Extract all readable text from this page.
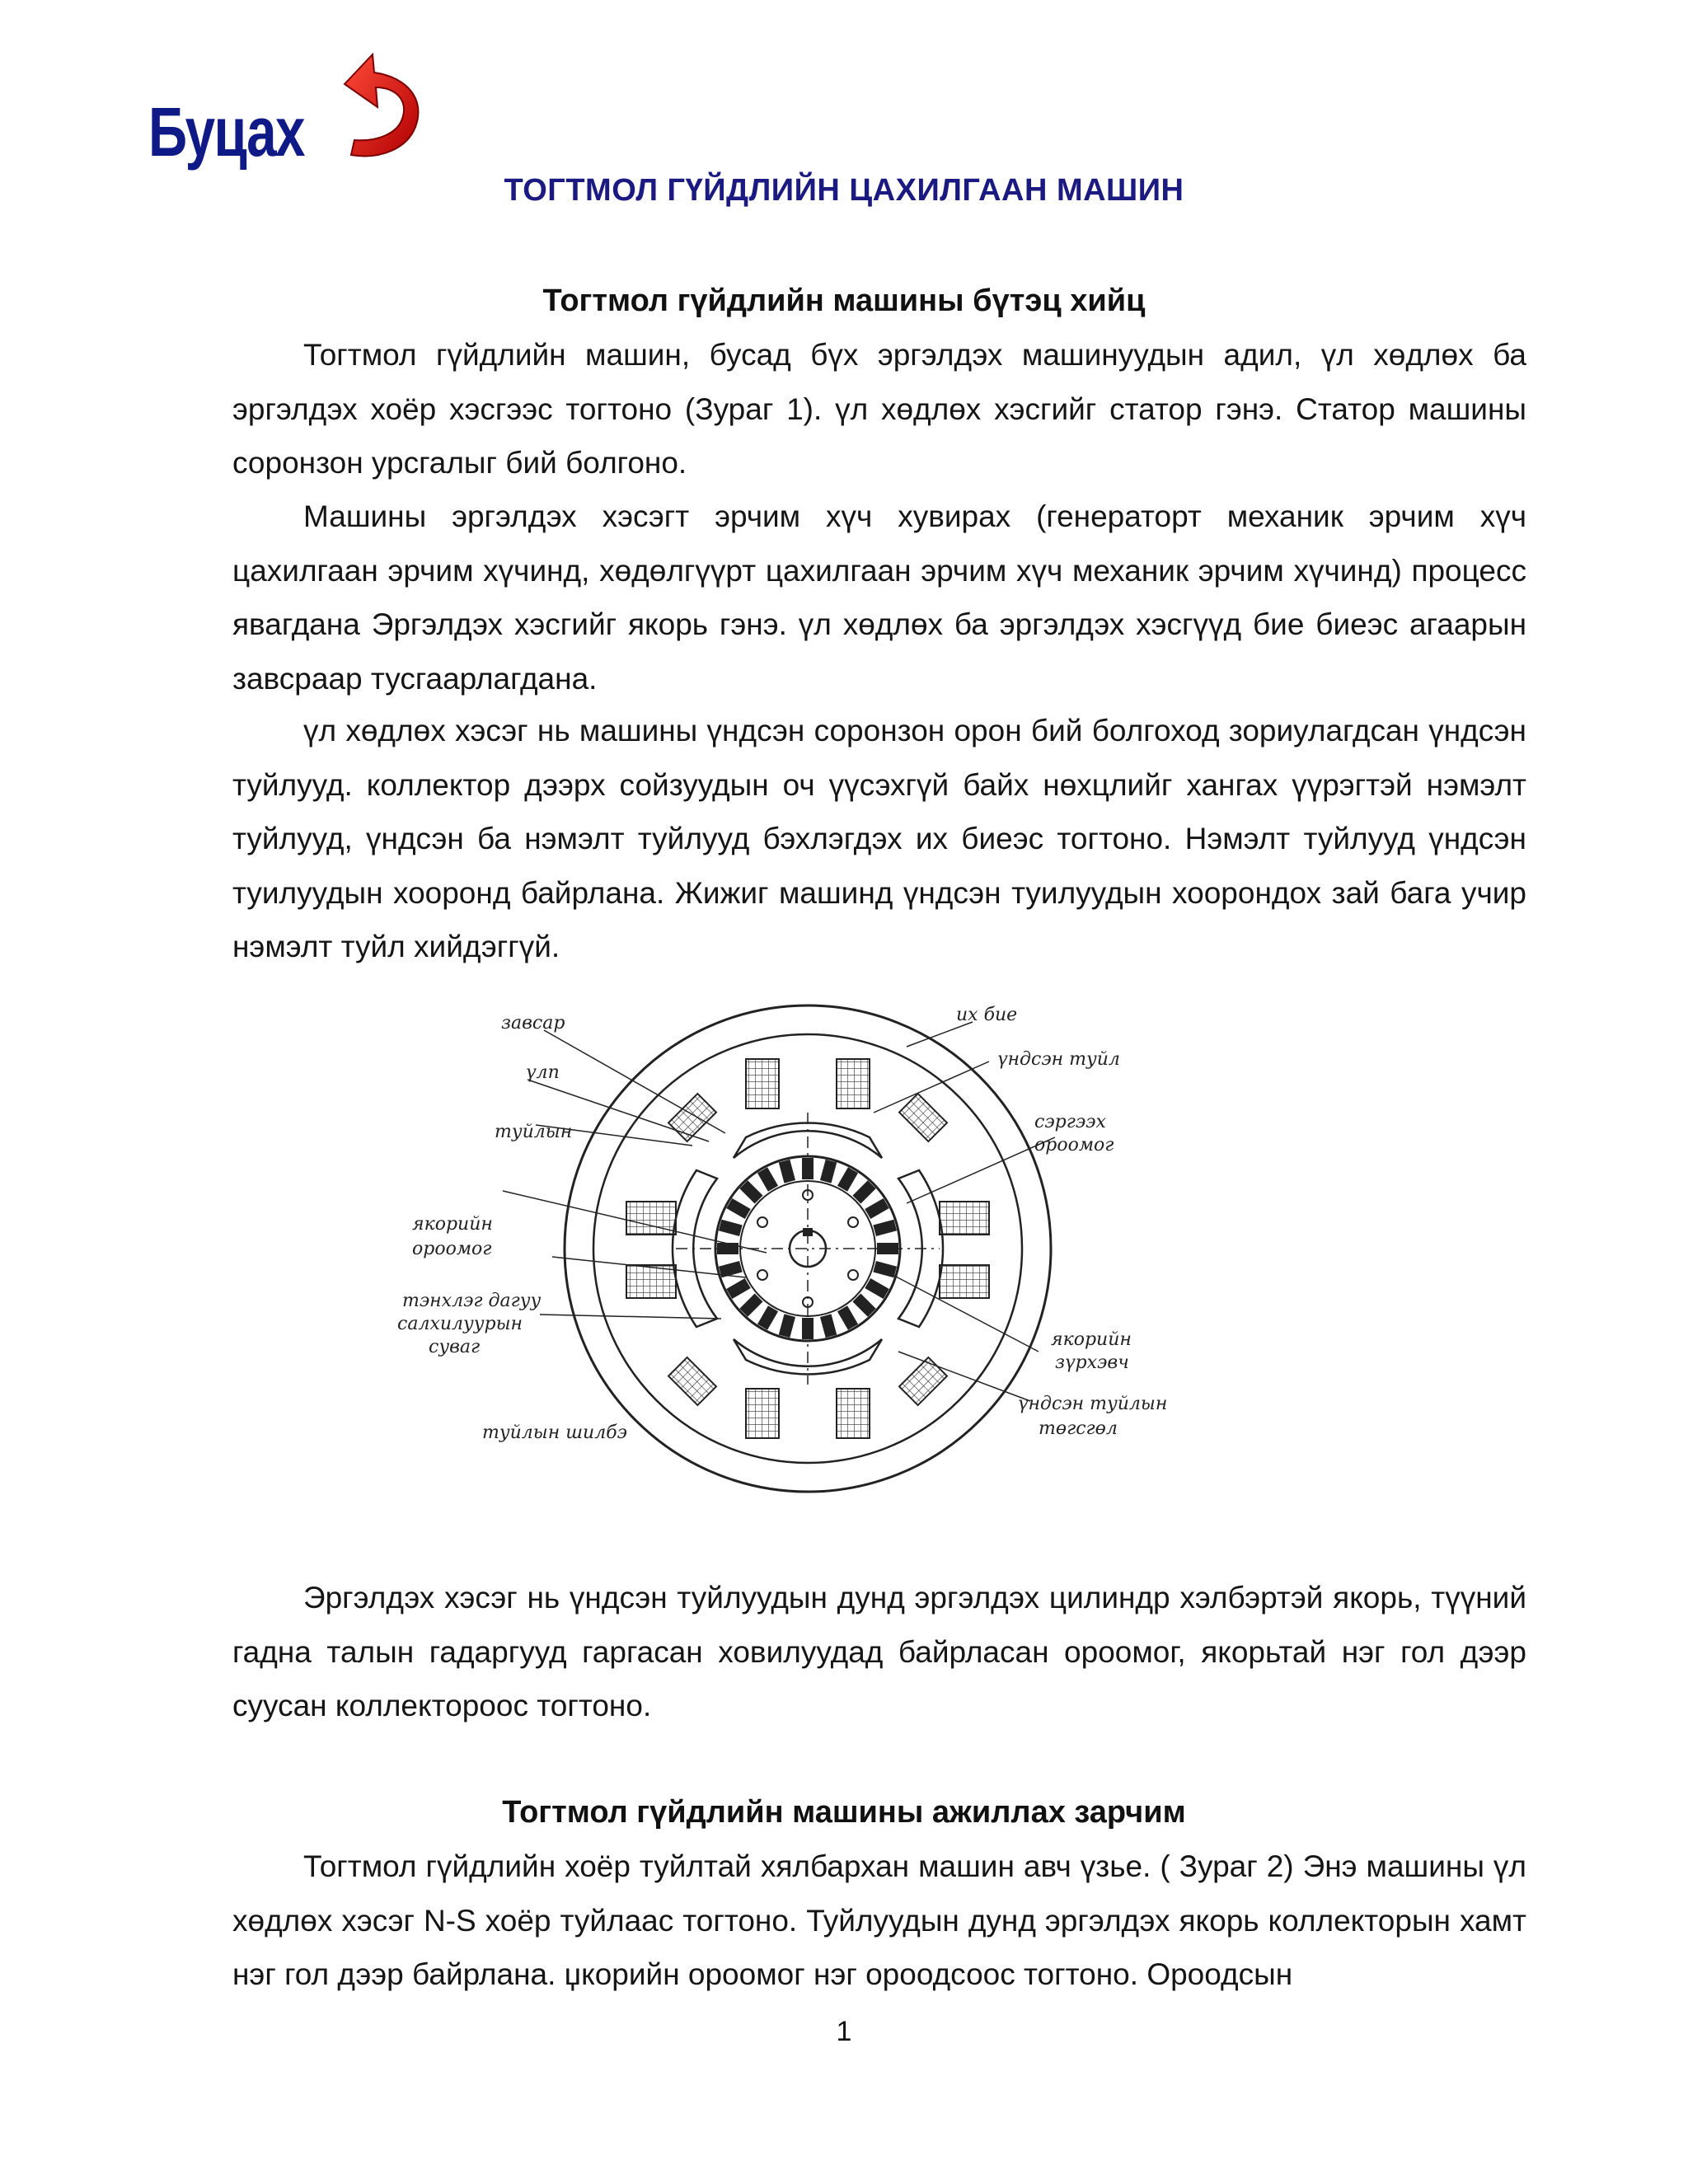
Буцах
ТОГТМОЛ ГҮЙДЛИЙН ЦАХИЛГААН МАШИН
Тогтмол гүйдлийн машины бүтэц хийц

Тогтмол гүйдлийн машин, бусад бүх эргэлдэх машинуудын адил, үл хөдлөх ба эргэлдэх хоёр хэсгээс тогтоно (Зураг 1). үл хөдлөх хэсгийг статор гэнэ. Статор машины соронзон урсгалыг бий болгоно.

Машины эргэлдэх хэсэгт эрчим хүч хувирах (генераторт механик эрчим хүч цахилгаан эрчим хүчинд, хөдөлгүүрт цахилгаан эрчим хүч механик эрчим хүчинд) процесс явагдана Эргэлдэх хэсгийг якорь гэнэ. үл хөдлөх ба эргэлдэх хэсгүүд бие биеэс агаарын завсраар тусгаарлагдана.

үл хөдлөх хэсэг нь машины үндсэн соронзон орон бий болгоход зориулагдсан үндсэн туйлууд. коллектор дээрх сойзуудын оч үүсэхгүй байх нөхцлийг хангах үүрэгтэй нэмэлт туйлууд, үндсэн ба нэмэлт туйлууд бэхлэгдэх их биеэс тогтоно. Нэмэлт туйлууд үндсэн туилуудын хооронд байрлана. Жижиг машинд үндсэн туилуудын хоорондох зай бага учир нэмэлт туйл хийдэггүй.

завсар
үлп
туйлын
якорийн
ороомог
тэнхлэг дагуу
салхилуурын
суваг
туйлын шилбэ
их бие
үндсэн туйл
сэргээх
ороомог
якорийн
зүрхэвч
үндсэн туйлын
төгсгөл

Эргэлдэх хэсэг нь үндсэн туйлуудын дунд эргэлдэх цилиндр хэлбэртэй якорь, түүний гадна талын гадаргууд гаргасан ховилуудад байрласан ороомог, якорьтай нэг гол дээр суусан коллектороос тогтоно.

Тогтмол гүйдлийн машины ажиллах зарчим

Тогтмол гүйдлийн хоёр туйлтай хялбархан машин авч үзье. ( Зураг 2) Энэ машины үл хөдлөх хэсэг N-S хоёр туйлаас тогтоно. Туйлуудын дунд эргэлдэх якорь коллекторын хамт нэг гол дээр байрлана. џкорийн ороомог нэг ороодсоос тогтоно. Ороодсын

1
